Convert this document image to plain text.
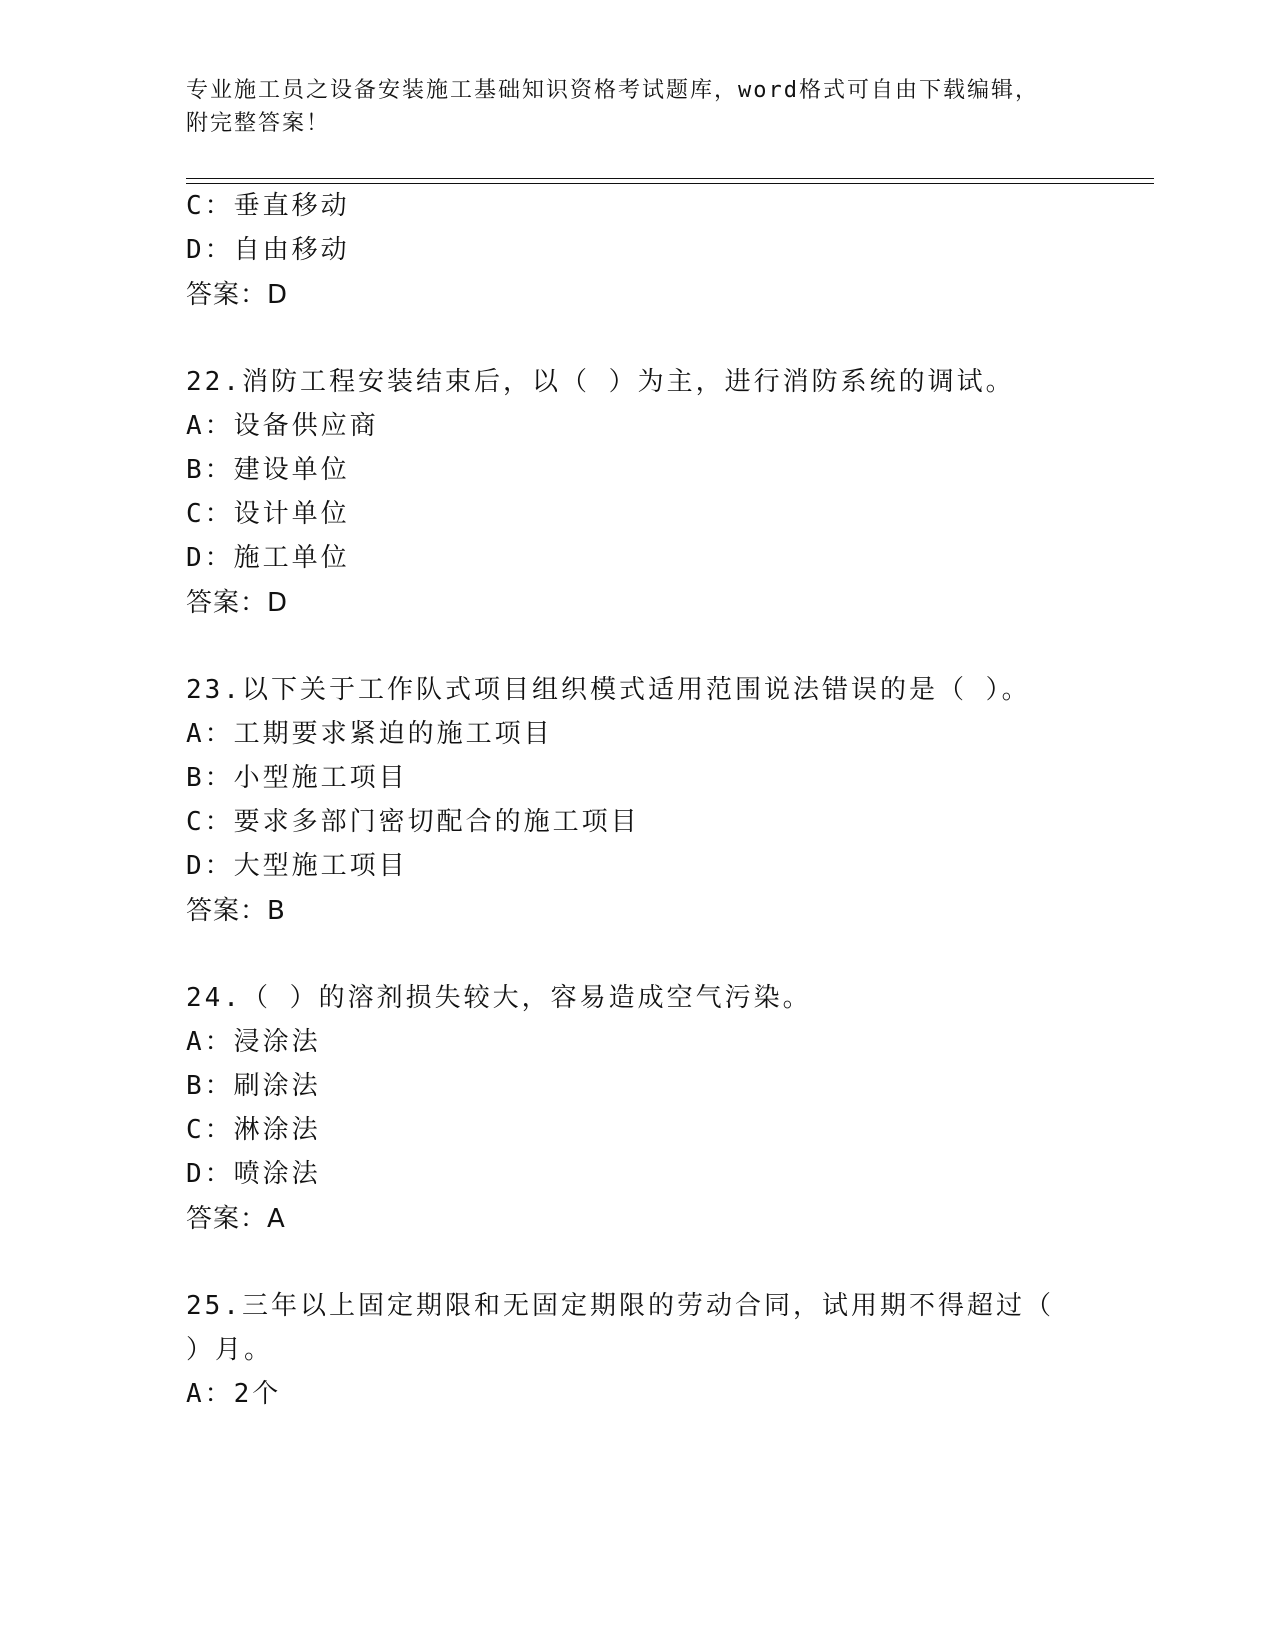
专业施工员之设备安装施工基础知识资格考试题库，word格式可自由下载编辑，
附完整答案！
C：垂直移动
D：自由移动
答案：D
22.消防工程安装结束后，以（ ）为主，进行消防系统的调试。
A：设备供应商
B：建设单位
C：设计单位
D：施工单位
答案：D
23.以下关于工作队式项目组织模式适用范围说法错误的是（ ）。
A：工期要求紧迫的施工项目
B：小型施工项目
C：要求多部门密切配合的施工项目
D：大型施工项目
答案：B
24.（ ）的溶剂损失较大，容易造成空气污染。
A：浸涂法
B：刷涂法
C：淋涂法
D：喷涂法
答案：A
25.三年以上固定期限和无固定期限的劳动合同，试用期不得超过（
）月。
A：2个
